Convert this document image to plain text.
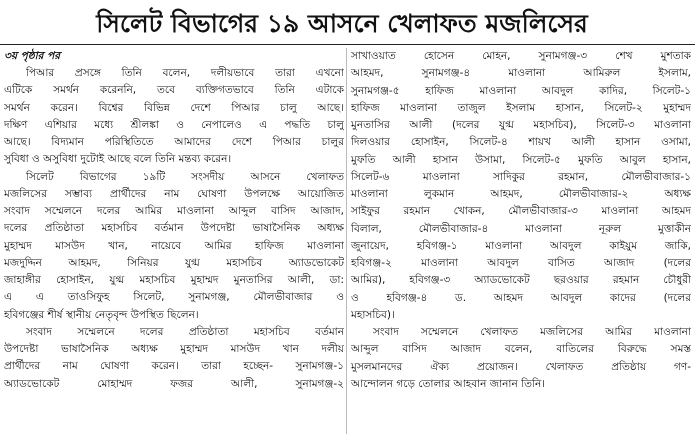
সিলেট বিভাগের ১৯ আসনে খেলাফত মজলিসের
৩য় পৃষ্ঠার পর
পিআর প্রসঙ্গে তিনি বলেন, দলীয়ভাবে তারা এখনো
এটিকে সমর্থন করেননি, তবে ব্যক্তিগতভাবে তিনি এটাকে
সমর্থন করেন। বিশ্বের বিভিন্ন দেশে পিআর চালু আছে।
দক্ষিণ এশিয়ার মধ্যে শ্রীলঙ্কা ও নেপালেও এ পদ্ধতি চালু
আছে। বিদ্যমান পরিস্থিতিতে আমাদের দেশে পিআর চালুর
সুবিধা ও অসুবিধা দুটোই আছে বলে তিনি মন্তব্য করেন।
সিলেট বিভাগের ১৯টি সংসদীয় আসনে খেলাফত
মজলিসের সম্ভাব্য প্রার্থীদের নাম ঘোষণা উপলক্ষে আয়োজিত
সংবাদ সম্মেলনে দলের আমির মাওলানা আব্দুল বাসিদ আজাদ,
দলের প্রতিষ্ঠাতা মহাসচিব বর্তমান উপদেষ্টা ভাষাসৈনিক অধ্যক্ষ
মুহাম্মদ মাসউদ খান, নায়েবে আমির হাফিজ মাওলানা
মজদুদ্দিন আহমদ, সিনিয়র যুগ্ম মহাসচিব অ্যাডভোকেট
জাহাঙ্গীর হোসাইন, যুগ্ম মহাসচিব মুহাম্মদ মুনতাসির আলী, ডা:
এ এ তাওসিফুহ সিলেট, সুনামগঞ্জ, মৌলভীবাজার ও
হবিগঞ্জের শীর্ষ স্থানীয় নেতৃবৃন্দ উপস্থিত ছিলেন।
সংবাদ সম্মেলনে দলের প্রতিষ্ঠাতা মহাসচিব বর্তমান
উপদেষ্টা ভাষাসৈনিক অধ্যক্ষ মুহাম্মদ মাসউদ খান দলীয়
প্রার্থীদের নাম ঘোষণা করেন। তারা হচ্ছেন- সুনামগঞ্জ-১
অ্যাডভোকেট মোহাম্মদ ফজর আলী, সুনামগঞ্জ-২
সাখাওয়াত হোসেন মোহন, সুনামগঞ্জ-৩ শেখ মুশতাক
আহমদ, সুনামগঞ্জ-৪ মাওলানা আমিরুল ইসলাম,
সুনামগঞ্জ-৫ হাফিজ মাওলানা আবদুল কাদির, সিলেট-১
হাফিজ মাওলানা তাজুল ইসলাম হাসান, সিলেট-২ মুহাম্মদ
মুনতাসির আলী (দলের যুগ্ম মহাসচিব), সিলেট-৩ মাওলানা
দিলওয়ার হোসাইন, সিলেট-৪ শায়খ আলী হাসান ওসামা,
মুফতি আলী হাসান উসামা, সিলেট-৫ মুফতি আবুল হাসান,
সিলেট-৬ মাওলানা সাদিকুর রহমান, মৌলভীবাজার-১
মাওলানা লুকমান আহমদ, মৌলভীবাজার-২ অধ্যক্ষ
সাইফুর রহমান খোকন, মৌলভীবাজার-৩ মাওলানা আহমদ
বিলাল, মৌলভীবাজার-৪ মাওলানা নূরুল মুত্তাকীন
জুনায়েদ, হবিগঞ্জ-১ মাওলানা আবদুল কাইয়ুম জাকি,
হবিগঞ্জ-২ মাওলানা আবদুল বাসিত আজাদ (দলের
আমির), হবিগঞ্জ-৩ অ্যাডভোকেট ছরওয়ার রহমান চৌধুরী
ও হবিগঞ্জ-৪ ড. আহমদ আবদুল কাদের (দলের
মহাসচিব)।
সংবাদ সম্মেলনে খেলাফত মজলিসের আমির মাওলানা
আব্দুল বাসিদ আজাদ বলেন, বাতিলের বিরুদ্ধে সমস্ত
মুসলমানদের ঐক্য প্রয়োজন। খেলাফত প্রতিষ্ঠায় গণ-
আন্দোলন গড়ে তোলার আহবান জানান তিনি।
